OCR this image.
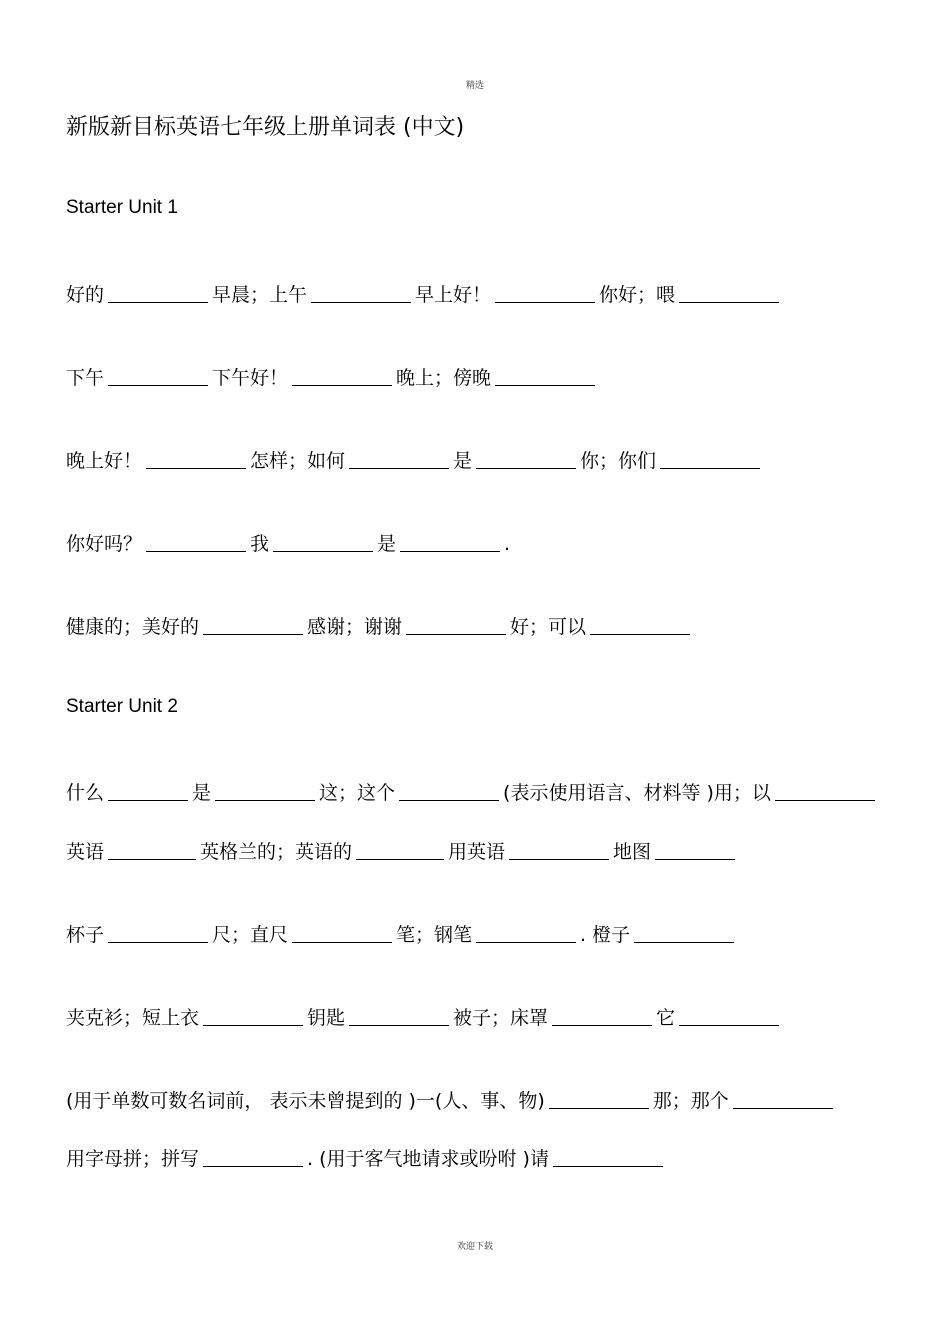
精选
新版新目标英语七年级上册单词表 (中文)
Starter Unit 1
好的	早晨；上午	早上好！	你好；喂
下午	下午好！	晚上；傍晚
晚上好！	怎样；如何	是	你；你们
你好吗？	我	是	.
健康的；美好的	感谢；谢谢	好；可以
Starter Unit 2
什么	是	这；这个	(表示使用语言、材料等 )用；以
英语	英格兰的；英语的	用英语	地图
杯子	尺；直尺	笔；钢笔	. 橙子
夹克衫；短上衣	钥匙	被子；床罩	它
(用于单数可数名词前， 表示未曾提到的 )一(人、事、物)	那；那个
用字母拼；拼写	. (用于客气地请求或吩咐 )请
欢迎下载
